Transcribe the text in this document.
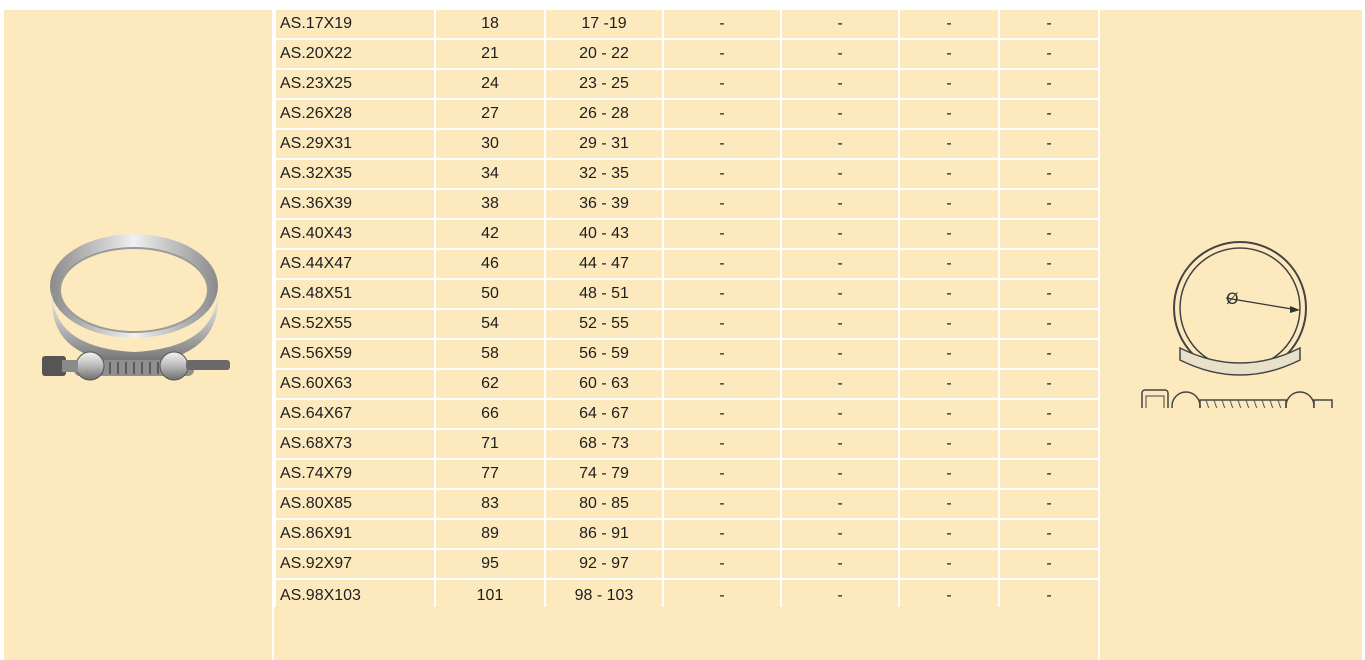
AS.17X19	18	17 -19	-	-	-	-
AS.20X22	21	20 - 22	-	-	-	-
AS.23X25	24	23 - 25	-	-	-	-
AS.26X28	27	26 - 28	-	-	-	-
AS.29X31	30	29 - 31	-	-	-	-
AS.32X35	34	32 - 35	-	-	-	-
AS.36X39	38	36 - 39	-	-	-	-
AS.40X43	42	40 - 43	-	-	-	-
AS.44X47	46	44 - 47	-	-	-	-
AS.48X51	50	48 - 51	-	-	-	-
AS.52X55	54	52 - 55	-	-	-	-
AS.56X59	58	56 - 59	-	-	-	-
AS.60X63	62	60 - 63	-	-	-	-
AS.64X67	66	64 - 67	-	-	-	-
AS.68X73	71	68 - 73	-	-	-	-
AS.74X79	77	74 - 79	-	-	-	-
AS.80X85	83	80 - 85	-	-	-	-
AS.86X91	89	86 - 91	-	-	-	-
AS.92X97	95	92 - 97	-	-	-	-
AS.98X103	101	98 - 103	-	-	-	-
Ø
